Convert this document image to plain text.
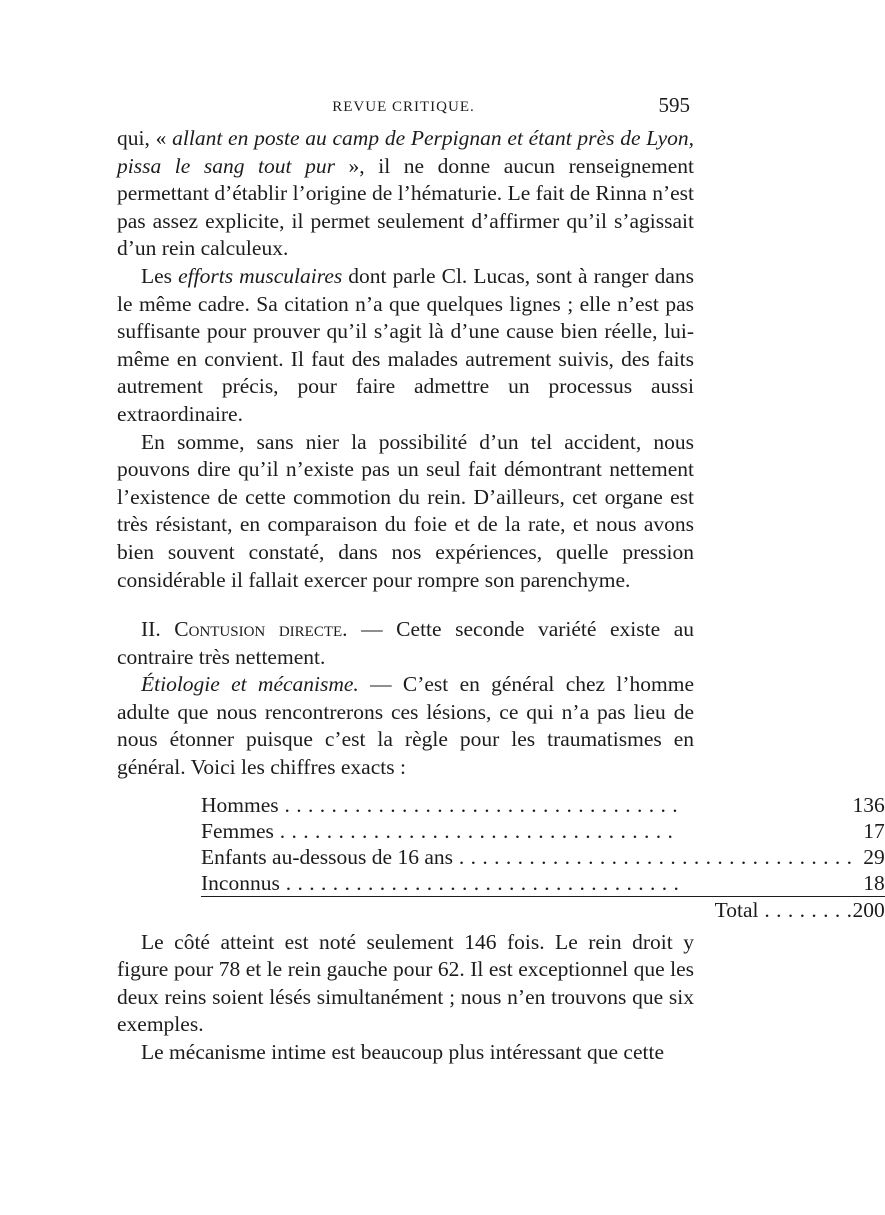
REVUE CRITIQUE.	595

qui, « allant en poste au camp de Perpignan et étant près de Lyon, pissa le sang tout pur », il ne donne aucun renseignement permettant d’établir l’origine de l’hématurie. Le fait de Rinna n’est pas assez explicite, il permet seulement d’affirmer qu’il s’agissait d’un rein calculeux.

Les efforts musculaires dont parle Cl. Lucas, sont à ranger dans le même cadre. Sa citation n’a que quelques lignes ; elle n’est pas suffisante pour prouver qu’il s’agit là d’une cause bien réelle, lui-même en convient. Il faut des malades autrement suivis, des faits autrement précis, pour faire admettre un processus aussi extraordinaire.

En somme, sans nier la possibilité d’un tel accident, nous pouvons dire qu’il n’existe pas un seul fait démontrant nettement l’existence de cette commotion du rein. D’ailleurs, cet organe est très résistant, en comparaison du foie et de la rate, et nous avons bien souvent constaté, dans nos expériences, quelle pression considérable il fallait exercer pour rompre son parenchyme.

II. Contusion directe. — Cette seconde variété existe au contraire très nettement.

Étiologie et mécanisme. — C’est en général chez l’homme adulte que nous rencontrerons ces lésions, ce qui n’a pas lieu de nous étonner puisque c’est la règle pour les traumatismes en général. Voici les chiffres exacts :

Hommes . . .	136
Femmes . . .	17
Enfants au-dessous de 16 ans . . .	29
Inconnus . . .	18
Total . . .	200

Le côté atteint est noté seulement 146 fois. Le rein droit y figure pour 78 et le rein gauche pour 62. Il est exceptionnel que les deux reins soient lésés simultanément ; nous n’en trouvons que six exemples.

Le mécanisme intime est beaucoup plus intéressant que cette
